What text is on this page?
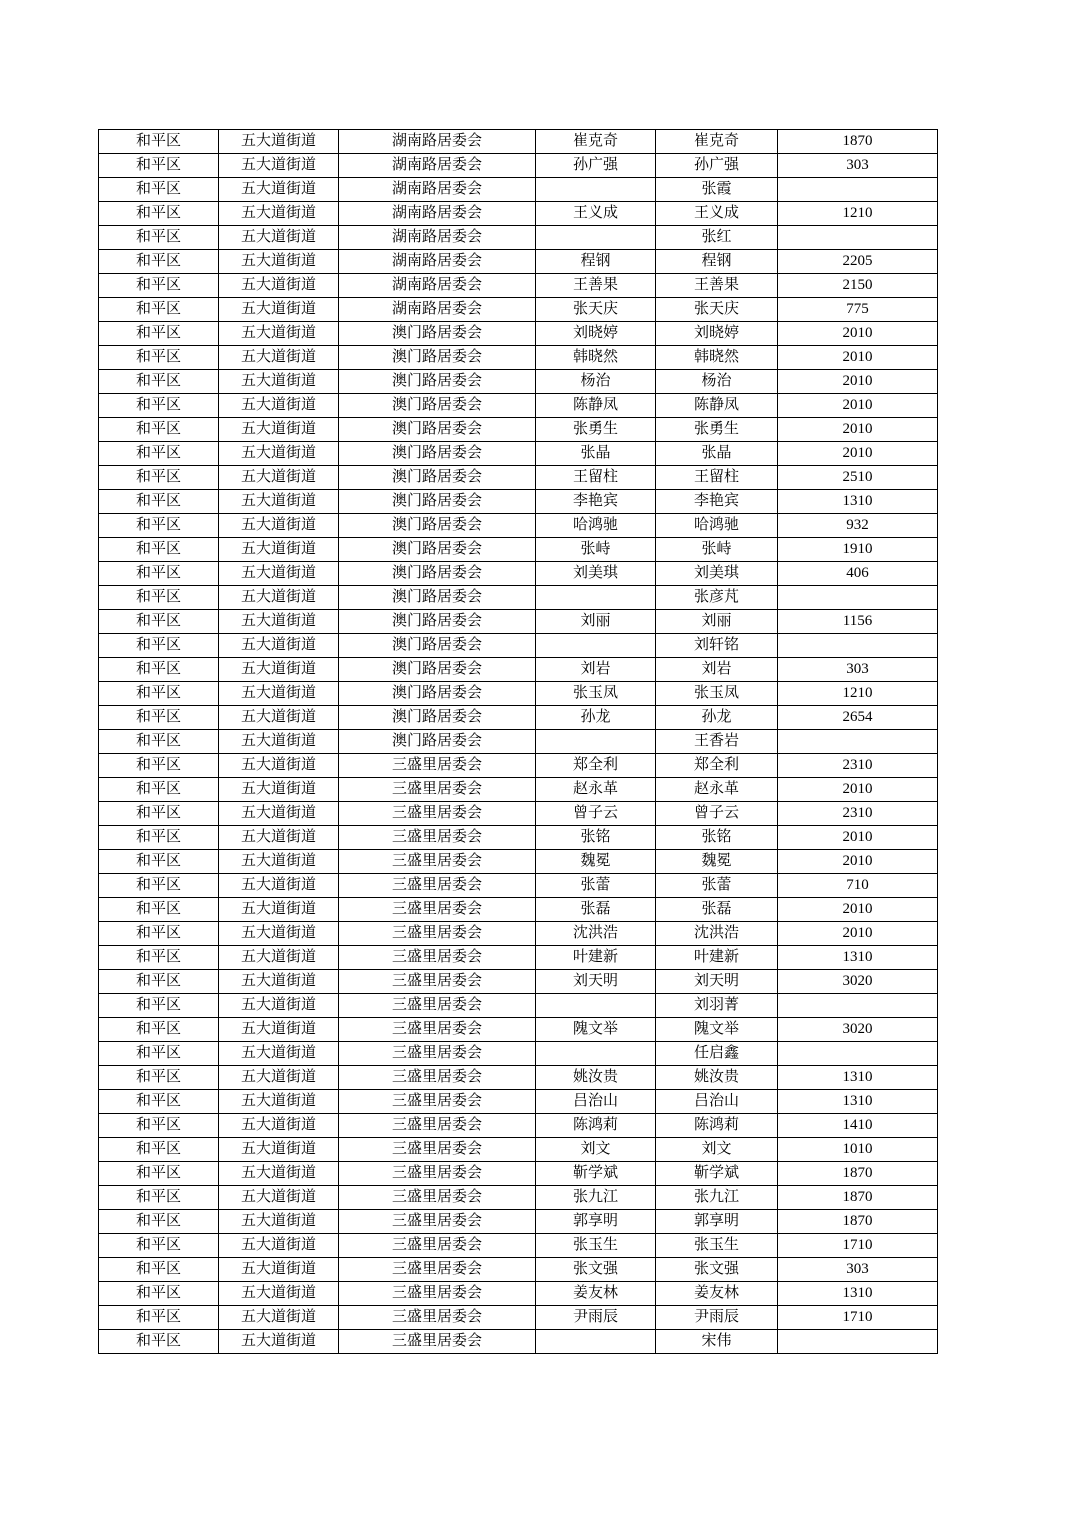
和平区	五大道街道	湖南路居委会	崔克奇	崔克奇	1870
和平区	五大道街道	湖南路居委会	孙广强	孙广强	303
和平区	五大道街道	湖南路居委会		张霞	
和平区	五大道街道	湖南路居委会	王义成	王义成	1210
和平区	五大道街道	湖南路居委会		张红	
和平区	五大道街道	湖南路居委会	程钢	程钢	2205
和平区	五大道街道	湖南路居委会	王善果	王善果	2150
和平区	五大道街道	湖南路居委会	张天庆	张天庆	775
和平区	五大道街道	澳门路居委会	刘晓婷	刘晓婷	2010
和平区	五大道街道	澳门路居委会	韩晓然	韩晓然	2010
和平区	五大道街道	澳门路居委会	杨治	杨治	2010
和平区	五大道街道	澳门路居委会	陈静凤	陈静凤	2010
和平区	五大道街道	澳门路居委会	张勇生	张勇生	2010
和平区	五大道街道	澳门路居委会	张晶	张晶	2010
和平区	五大道街道	澳门路居委会	王留柱	王留柱	2510
和平区	五大道街道	澳门路居委会	李艳宾	李艳宾	1310
和平区	五大道街道	澳门路居委会	哈鸿驰	哈鸿驰	932
和平区	五大道街道	澳门路居委会	张峙	张峙	1910
和平区	五大道街道	澳门路居委会	刘美琪	刘美琪	406
和平区	五大道街道	澳门路居委会		张彦芃	
和平区	五大道街道	澳门路居委会	刘丽	刘丽	1156
和平区	五大道街道	澳门路居委会		刘轩铭	
和平区	五大道街道	澳门路居委会	刘岩	刘岩	303
和平区	五大道街道	澳门路居委会	张玉凤	张玉凤	1210
和平区	五大道街道	澳门路居委会	孙龙	孙龙	2654
和平区	五大道街道	澳门路居委会		王香岩	
和平区	五大道街道	三盛里居委会	郑全利	郑全利	2310
和平区	五大道街道	三盛里居委会	赵永革	赵永革	2010
和平区	五大道街道	三盛里居委会	曾子云	曾子云	2310
和平区	五大道街道	三盛里居委会	张铭	张铭	2010
和平区	五大道街道	三盛里居委会	魏冕	魏冕	2010
和平区	五大道街道	三盛里居委会	张蕾	张蕾	710
和平区	五大道街道	三盛里居委会	张磊	张磊	2010
和平区	五大道街道	三盛里居委会	沈洪浩	沈洪浩	2010
和平区	五大道街道	三盛里居委会	叶建新	叶建新	1310
和平区	五大道街道	三盛里居委会	刘天明	刘天明	3020
和平区	五大道街道	三盛里居委会		刘羽菁	
和平区	五大道街道	三盛里居委会	隗文举	隗文举	3020
和平区	五大道街道	三盛里居委会		任启鑫	
和平区	五大道街道	三盛里居委会	姚汝贵	姚汝贵	1310
和平区	五大道街道	三盛里居委会	吕治山	吕治山	1310
和平区	五大道街道	三盛里居委会	陈鸿莉	陈鸿莉	1410
和平区	五大道街道	三盛里居委会	刘文	刘文	1010
和平区	五大道街道	三盛里居委会	靳学斌	靳学斌	1870
和平区	五大道街道	三盛里居委会	张九江	张九江	1870
和平区	五大道街道	三盛里居委会	郭享明	郭享明	1870
和平区	五大道街道	三盛里居委会	张玉生	张玉生	1710
和平区	五大道街道	三盛里居委会	张文强	张文强	303
和平区	五大道街道	三盛里居委会	姜友林	姜友林	1310
和平区	五大道街道	三盛里居委会	尹雨辰	尹雨辰	1710
和平区	五大道街道	三盛里居委会		宋伟	
